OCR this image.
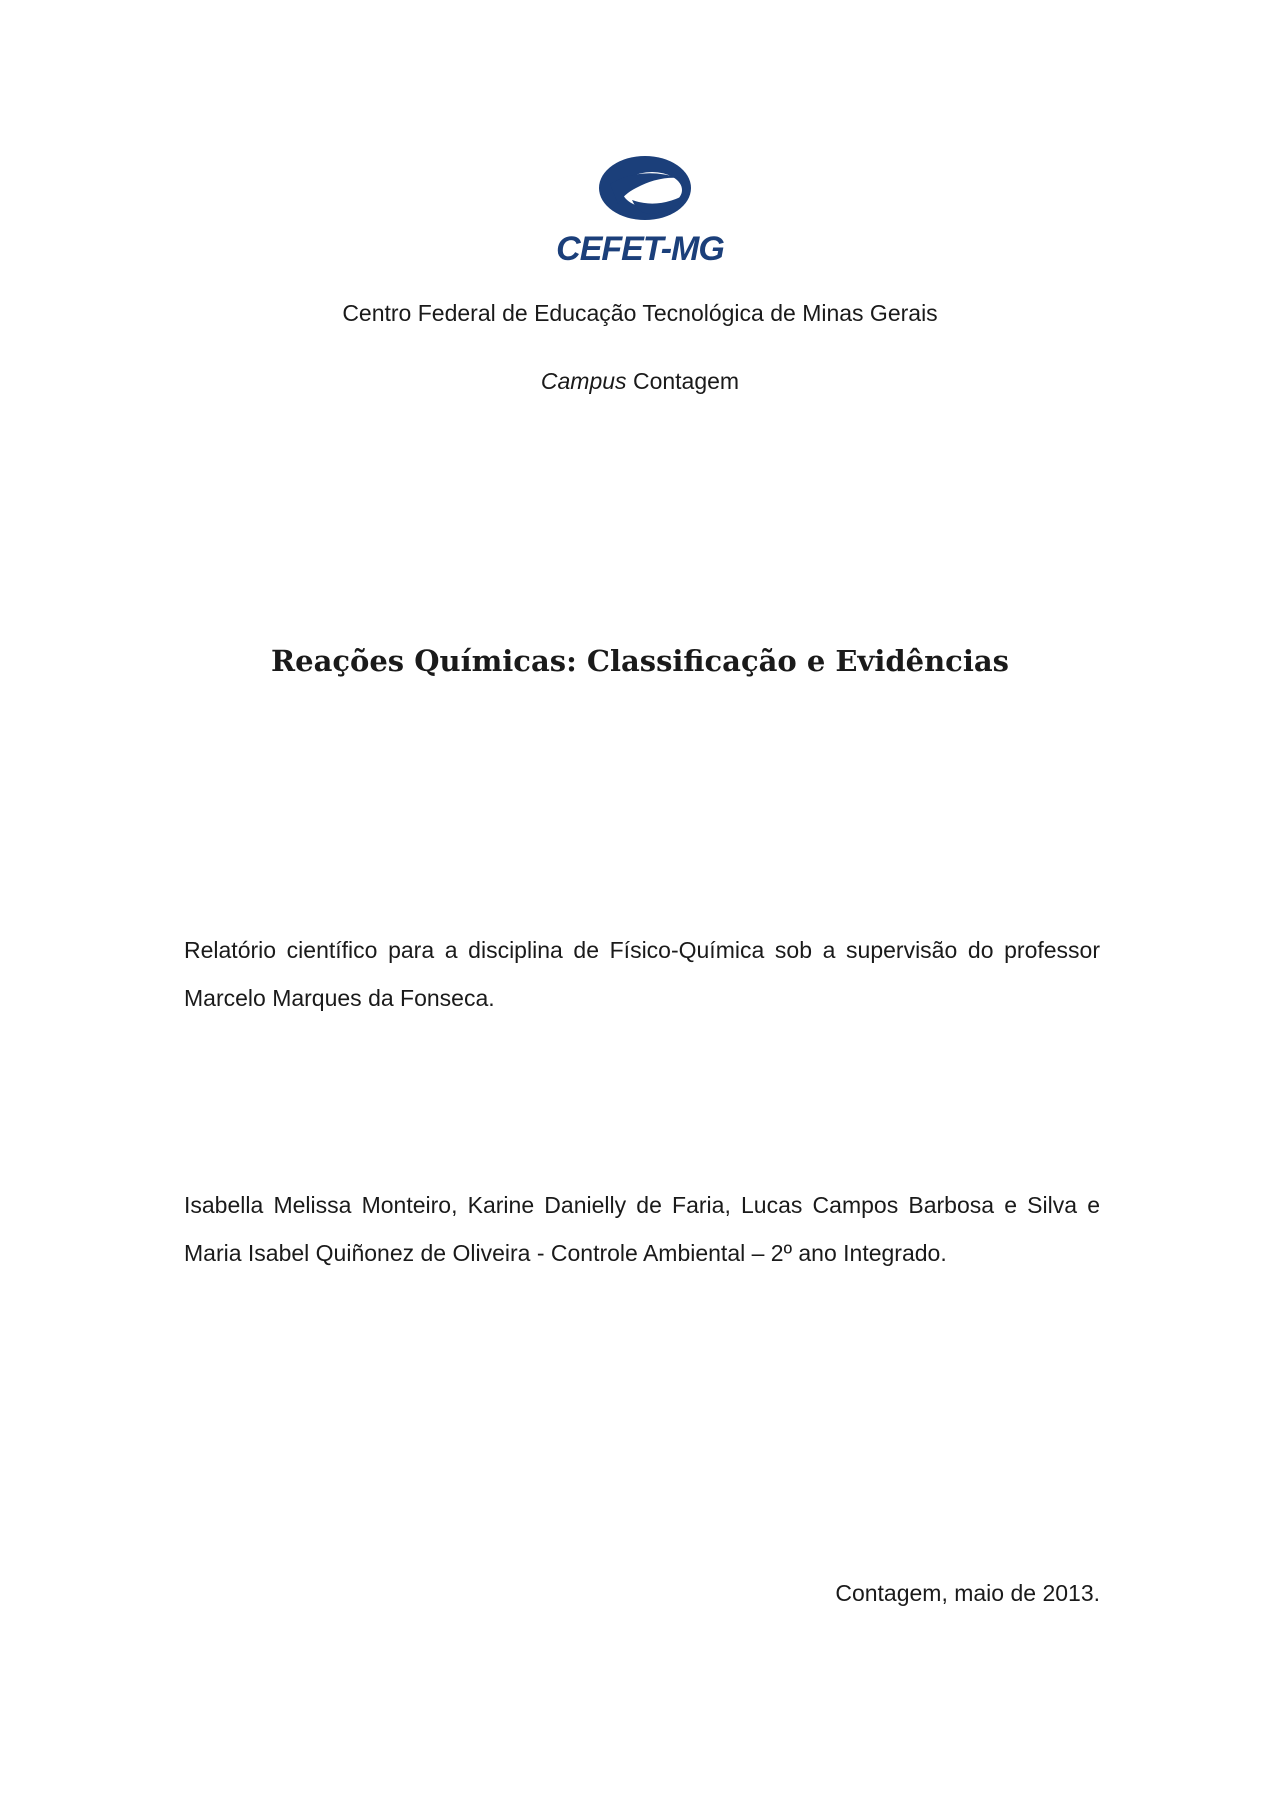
CEFET-MG
Centro Federal de Educação Tecnológica de Minas Gerais
Campus Contagem
Reações Químicas: Classificação e Evidências
Relatório científico para a disciplina de Físico-Química sob a supervisão do professor
Marcelo Marques da Fonseca.
Isabella Melissa Monteiro, Karine Danielly de Faria, Lucas Campos Barbosa e Silva e
Maria Isabel Quiñonez de Oliveira - Controle Ambiental – 2º ano Integrado.
Contagem, maio de 2013.
